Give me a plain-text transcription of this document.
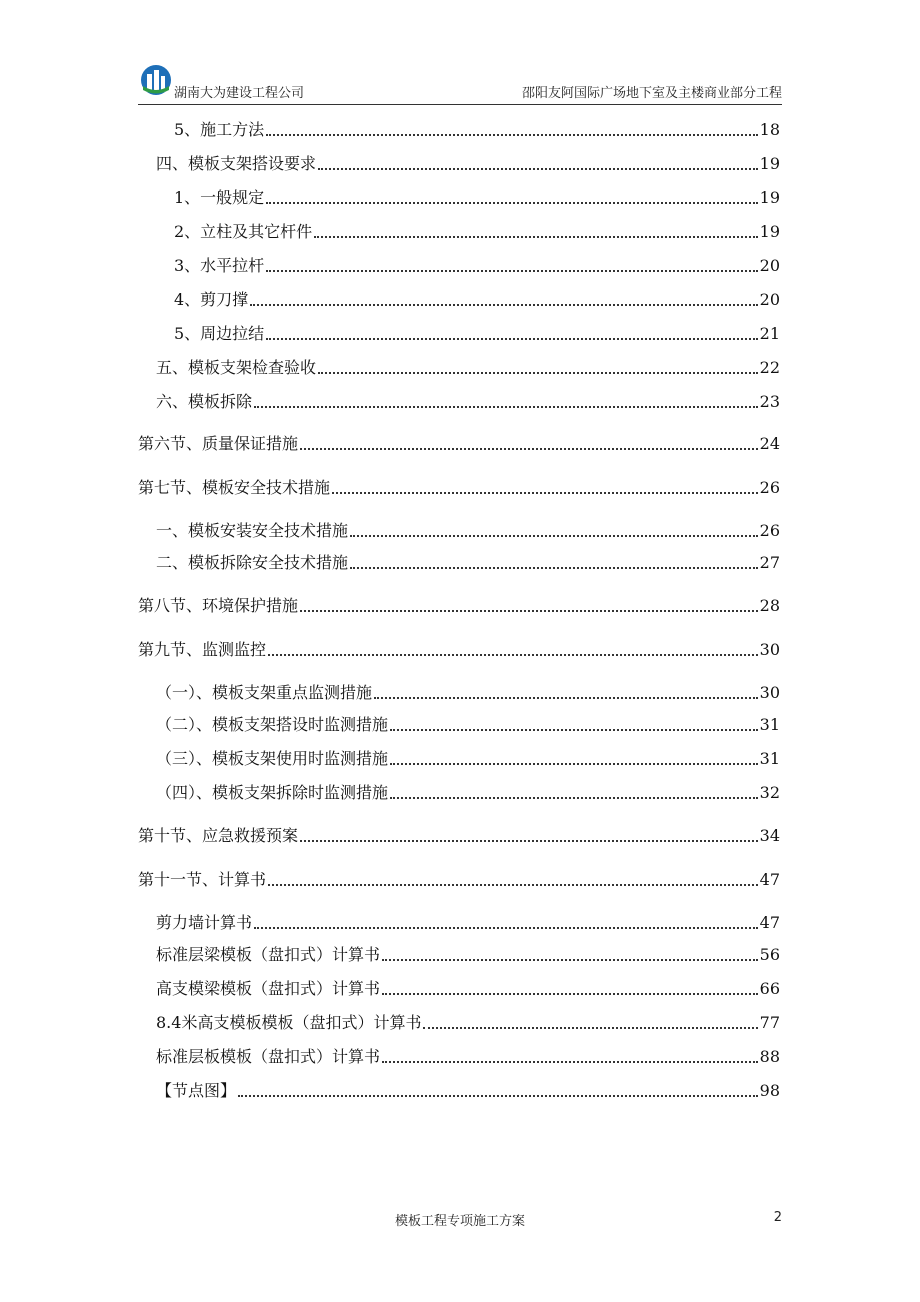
湖南大为建设工程公司	邵阳友阿国际广场地下室及主楼商业部分工程
5、施工方法	18
四、模板支架搭设要求	19
1、一般规定	19
2、立柱及其它杆件	19
3、水平拉杆	20
4、剪刀撑	20
5、周边拉结	21
五、模板支架检查验收	22
六、模板拆除	23
第六节、质量保证措施	24
第七节、模板安全技术措施	26
一、模板安装安全技术措施	26
二、模板拆除安全技术措施	27
第八节、环境保护措施	28
第九节、监测监控	30
（一）、模板支架重点监测措施	30
（二）、模板支架搭设时监测措施	31
（三）、模板支架使用时监测措施	31
（四）、模板支架拆除时监测措施	32
第十节、应急救援预案	34
第十一节、计算书	47
剪力墙计算书	47
标准层梁模板（盘扣式）计算书	56
高支模梁模板（盘扣式）计算书	66
8.4米高支模板模板（盘扣式）计算书	77
标准层板模板（盘扣式）计算书	88
【节点图】	98
模板工程专项施工方案	2
